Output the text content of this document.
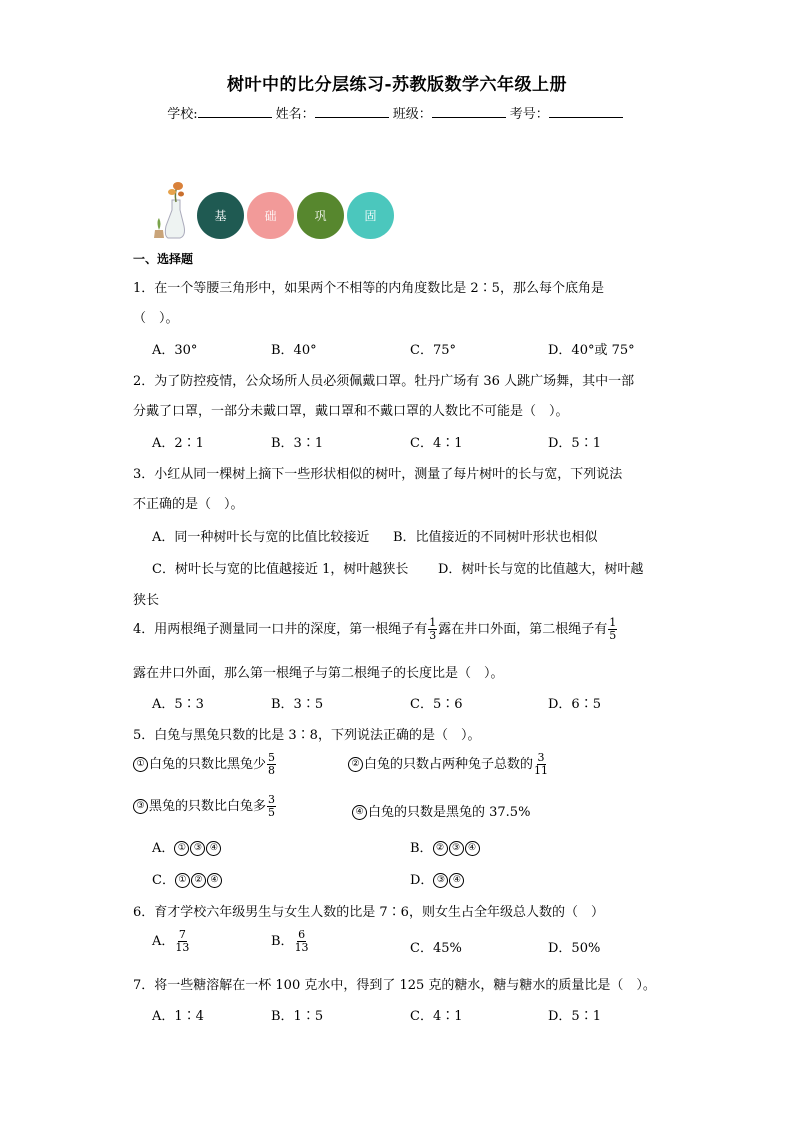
树叶中的比分层练习-苏教版数学六年级上册
学校:	姓名：	班级：	考号：
基	础	巩	固
一、选择题
1．在一个等腰三角形中，如果两个不相等的内角度数比是 2∶5，那么每个底角是
（　）。
A．30°	B．40°	C．75°	D．40°或 75°
2．为了防控疫情，公众场所人员必须佩戴口罩。牡丹广场有 36 人跳广场舞，其中一部
分戴了口罩，一部分未戴口罩，戴口罩和不戴口罩的人数比不可能是（　）。
A．2∶1	B．3∶1	C．4∶1	D．5∶1
3．小红从同一棵树上摘下一些形状相似的树叶，测量了每片树叶的长与宽，下列说法
不正确的是（　）。
A．同一种树叶长与宽的比值比较接近 B．比值接近的不同树叶形状也相似
C．树叶长与宽的比值越接近 1，树叶越狭长 D．树叶长与宽的比值越大，树叶越
狭长
4．用两根绳子测量同一口井的深度，第一根绳子有 $\frac{1}{3}$ 露在井口外面，第二根绳子有 $\frac{1}{5}$
露在井口外面，那么第一根绳子与第二根绳子的长度比是（　）。
A．5∶3	B．3∶5	C．5∶6	D．6∶5
5．白兔与黑兔只数的比是 3∶8，下列说法正确的是（　）。
① 白兔的只数比黑兔少 $\frac{5}{8}$	② 白兔的只数占两种兔子总数的 $\frac{3}{11}$
③ 黑兔的只数比白兔多 $\frac{3}{5}$	④ 白兔的只数是黑兔的 37.5%
A． ① ③ ④	B． ② ③ ④
C． ① ② ④	D． ③ ④
6．育才学校六年级男生与女生人数的比是 7∶6，则女生占全年级总人数的（　）
A． $\frac{7}{13}$	B． $\frac{6}{13}$	C．45%	D．50%
7．将一些糖溶解在一杯 100 克水中，得到了 125 克的糖水，糖与糖水的质量比是（　）。
A．1∶4	B．1∶5	C．4∶1	D．5∶1
